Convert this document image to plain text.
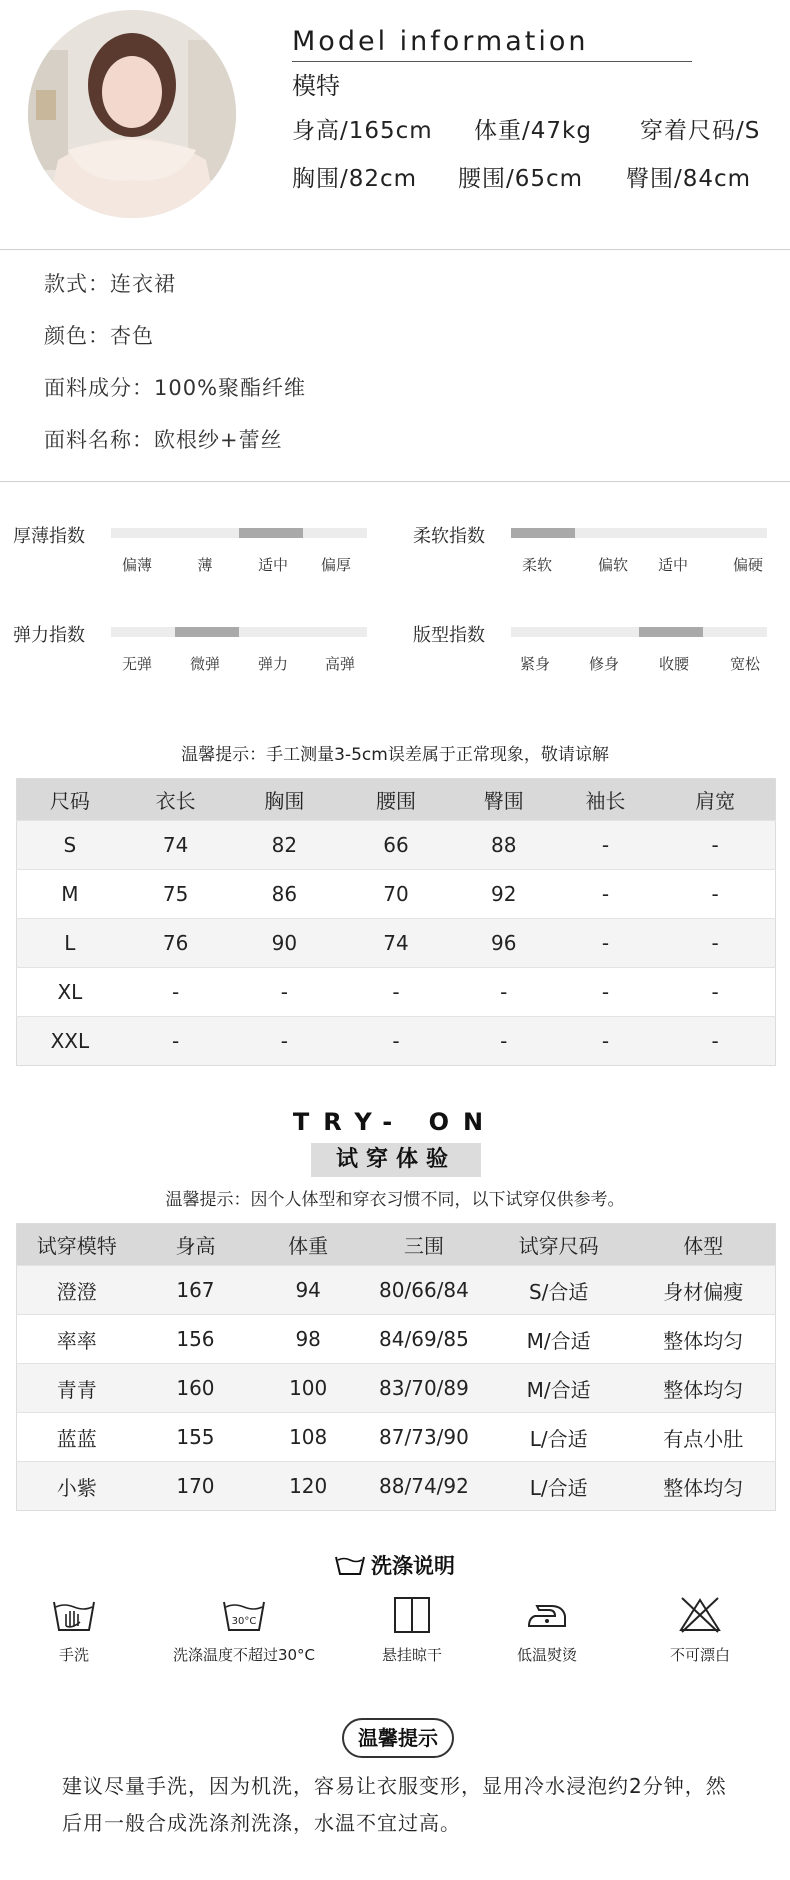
Model information
模特
身高/165cm 体重/47kg 穿着尺码/S
胸围/82cm 腰围/65cm 臀围/84cm
款式：连衣裙
颜色：杏色
面料成分：100%聚酯纤维
面料名称：欧根纱+蕾丝
厚薄指数
偏薄	薄	适中	偏厚
柔软指数
柔软	偏软	适中	偏硬
弹力指数
无弹	微弹	弹力	高弹
版型指数
紧身	修身	收腰	宽松
温馨提示：手工测量3-5cm误差属于正常现象，敬请谅解
尺码	衣长	胸围	腰围	臀围	袖长	肩宽
S	74	82	66	88	-	-
M	75	86	70	92	-	-
L	76	90	74	96	-	-
XL	-	-	-	-	-	-
XXL	-	-	-	-	-	-
TRY- ON
试穿体验
温馨提示：因个人体型和穿衣习惯不同，以下试穿仅供参考。
试穿模特	身高	体重	三围	试穿尺码	体型
澄澄	167	94	80/66/84	S/合适	身材偏瘦
率率	156	98	84/69/85	M/合适	整体均匀
青青	160	100	83/70/89	M/合适	整体均匀
蓝蓝	155	108	87/73/90	L/合适	有点小肚
小紫	170	120	88/74/92	L/合适	整体均匀
洗涤说明
手洗
30°C
洗涤温度不超过30°C	悬挂晾干	低温熨烫	不可漂白
温馨提示
建议尽量手洗，因为机洗，容易让衣服变形，显用冷水浸泡约2分钟，然后用一般合成洗涤剂洗涤，水温不宜过高。
